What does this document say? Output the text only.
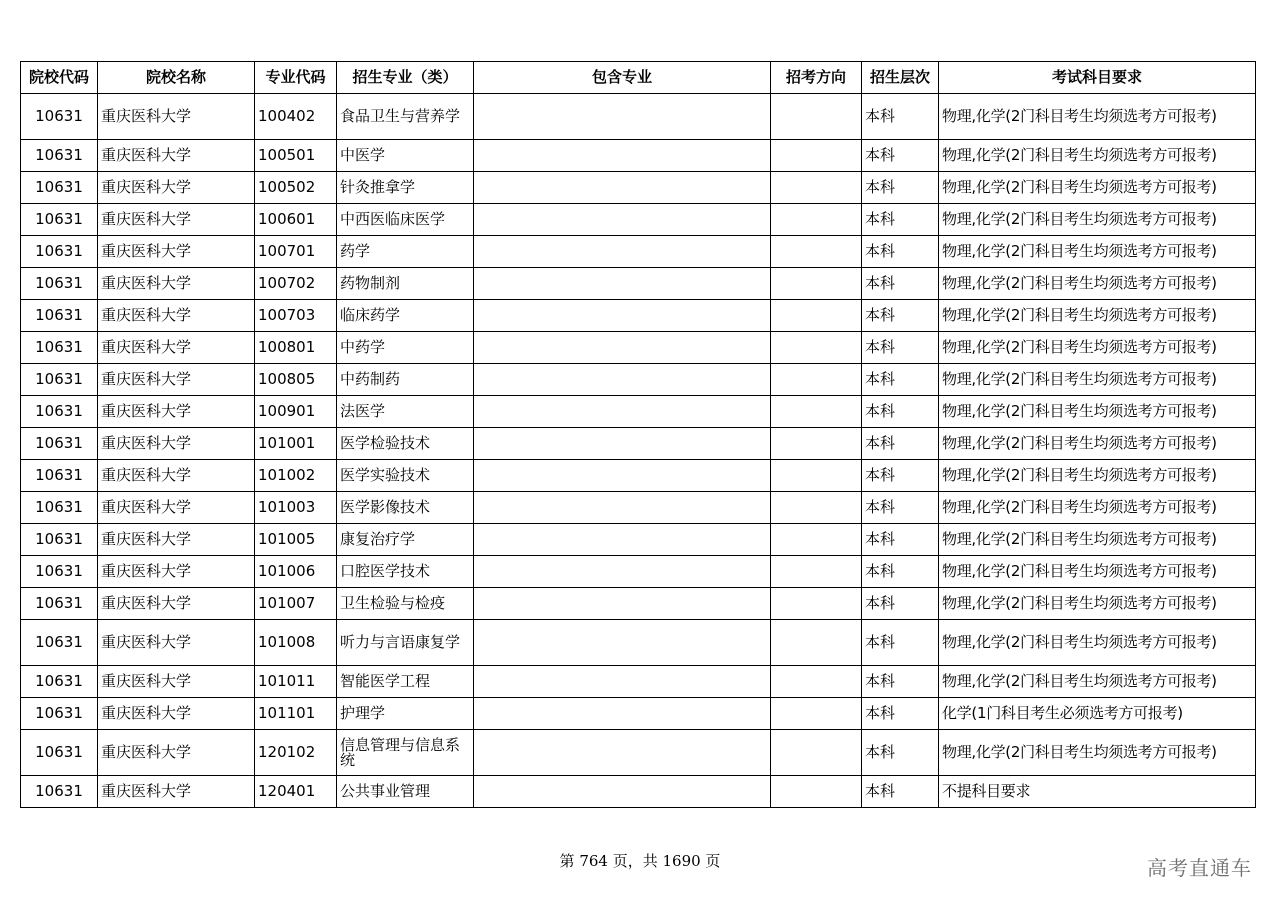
院校代码	院校名称	专业代码	招生专业（类）	包含专业	招考方向	招生层次	考试科目要求
10631	重庆医科大学	100402	食品卫生与营养学			本科	物理,化学(2门科目考生均须选考方可报考)
10631	重庆医科大学	100501	中医学			本科	物理,化学(2门科目考生均须选考方可报考)
10631	重庆医科大学	100502	针灸推拿学			本科	物理,化学(2门科目考生均须选考方可报考)
10631	重庆医科大学	100601	中西医临床医学			本科	物理,化学(2门科目考生均须选考方可报考)
10631	重庆医科大学	100701	药学			本科	物理,化学(2门科目考生均须选考方可报考)
10631	重庆医科大学	100702	药物制剂			本科	物理,化学(2门科目考生均须选考方可报考)
10631	重庆医科大学	100703	临床药学			本科	物理,化学(2门科目考生均须选考方可报考)
10631	重庆医科大学	100801	中药学			本科	物理,化学(2门科目考生均须选考方可报考)
10631	重庆医科大学	100805	中药制药			本科	物理,化学(2门科目考生均须选考方可报考)
10631	重庆医科大学	100901	法医学			本科	物理,化学(2门科目考生均须选考方可报考)
10631	重庆医科大学	101001	医学检验技术			本科	物理,化学(2门科目考生均须选考方可报考)
10631	重庆医科大学	101002	医学实验技术			本科	物理,化学(2门科目考生均须选考方可报考)
10631	重庆医科大学	101003	医学影像技术			本科	物理,化学(2门科目考生均须选考方可报考)
10631	重庆医科大学	101005	康复治疗学			本科	物理,化学(2门科目考生均须选考方可报考)
10631	重庆医科大学	101006	口腔医学技术			本科	物理,化学(2门科目考生均须选考方可报考)
10631	重庆医科大学	101007	卫生检验与检疫			本科	物理,化学(2门科目考生均须选考方可报考)
10631	重庆医科大学	101008	听力与言语康复学			本科	物理,化学(2门科目考生均须选考方可报考)
10631	重庆医科大学	101011	智能医学工程			本科	物理,化学(2门科目考生均须选考方可报考)
10631	重庆医科大学	101101	护理学			本科	化学(1门科目考生必须选考方可报考)
10631	重庆医科大学	120102	信息管理与信息系统			本科	物理,化学(2门科目考生均须选考方可报考)
10631	重庆医科大学	120401	公共事业管理			本科	不提科目要求
第 764 页，共 1690 页	高考直通车
